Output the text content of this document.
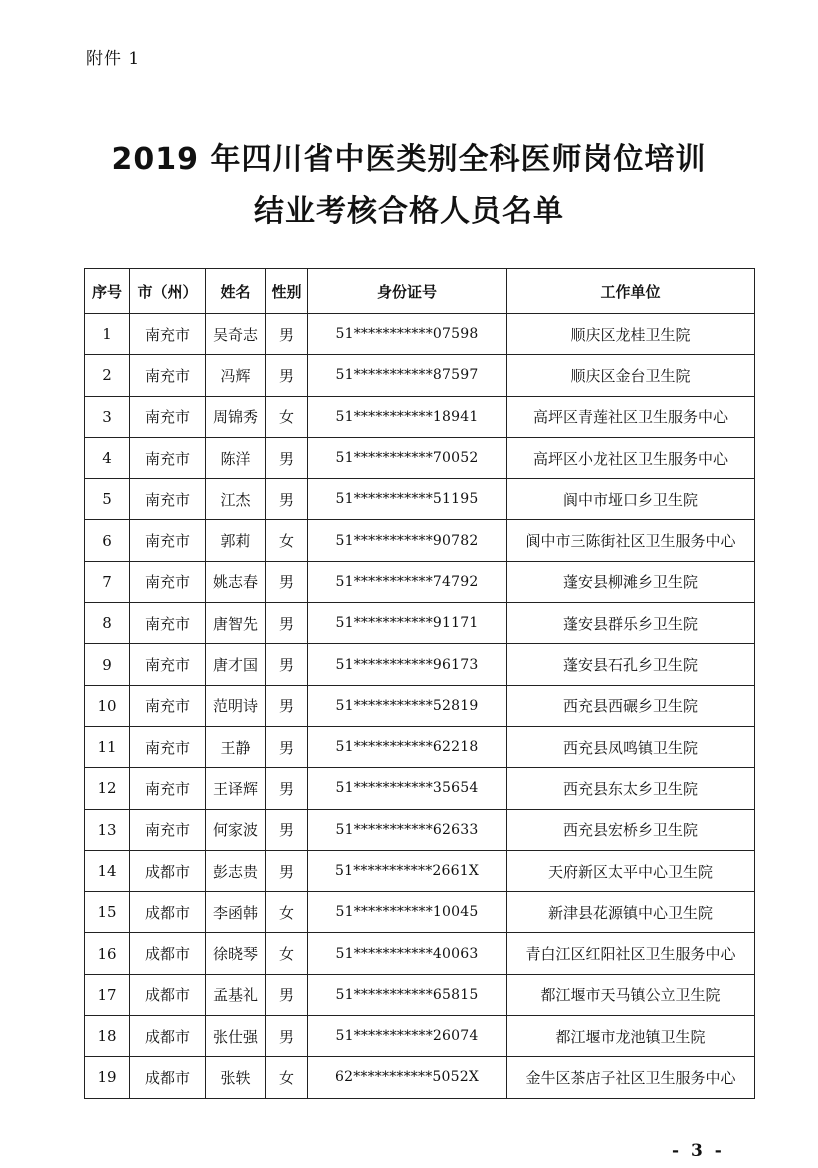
附件 1
2019 年四川省中医类别全科医师岗位培训
结业考核合格人员名单
序号	市（州）	姓名	性别	身份证号	工作单位
1	南充市	吴奇志	男	51***********07598	顺庆区龙桂卫生院
2	南充市	冯辉	男	51***********87597	顺庆区金台卫生院
3	南充市	周锦秀	女	51***********18941	高坪区青莲社区卫生服务中心
4	南充市	陈洋	男	51***********70052	高坪区小龙社区卫生服务中心
5	南充市	江杰	男	51***********51195	阆中市垭口乡卫生院
6	南充市	郭莉	女	51***********90782	阆中市三陈街社区卫生服务中心
7	南充市	姚志春	男	51***********74792	蓬安县柳滩乡卫生院
8	南充市	唐智先	男	51***********91171	蓬安县群乐乡卫生院
9	南充市	唐才国	男	51***********96173	蓬安县石孔乡卫生院
10	南充市	范明诗	男	51***********52819	西充县西碾乡卫生院
11	南充市	王静	男	51***********62218	西充县凤鸣镇卫生院
12	南充市	王译辉	男	51***********35654	西充县东太乡卫生院
13	南充市	何家波	男	51***********62633	西充县宏桥乡卫生院
14	成都市	彭志贵	男	51***********2661X	天府新区太平中心卫生院
15	成都市	李函韩	女	51***********10045	新津县花源镇中心卫生院
16	成都市	徐晓琴	女	51***********40063	青白江区红阳社区卫生服务中心
17	成都市	孟基礼	男	51***********65815	都江堰市天马镇公立卫生院
18	成都市	张仕强	男	51***********26074	都江堰市龙池镇卫生院
19	成都市	张轶	女	62***********5052X	金牛区茶店子社区卫生服务中心
- 3 -
